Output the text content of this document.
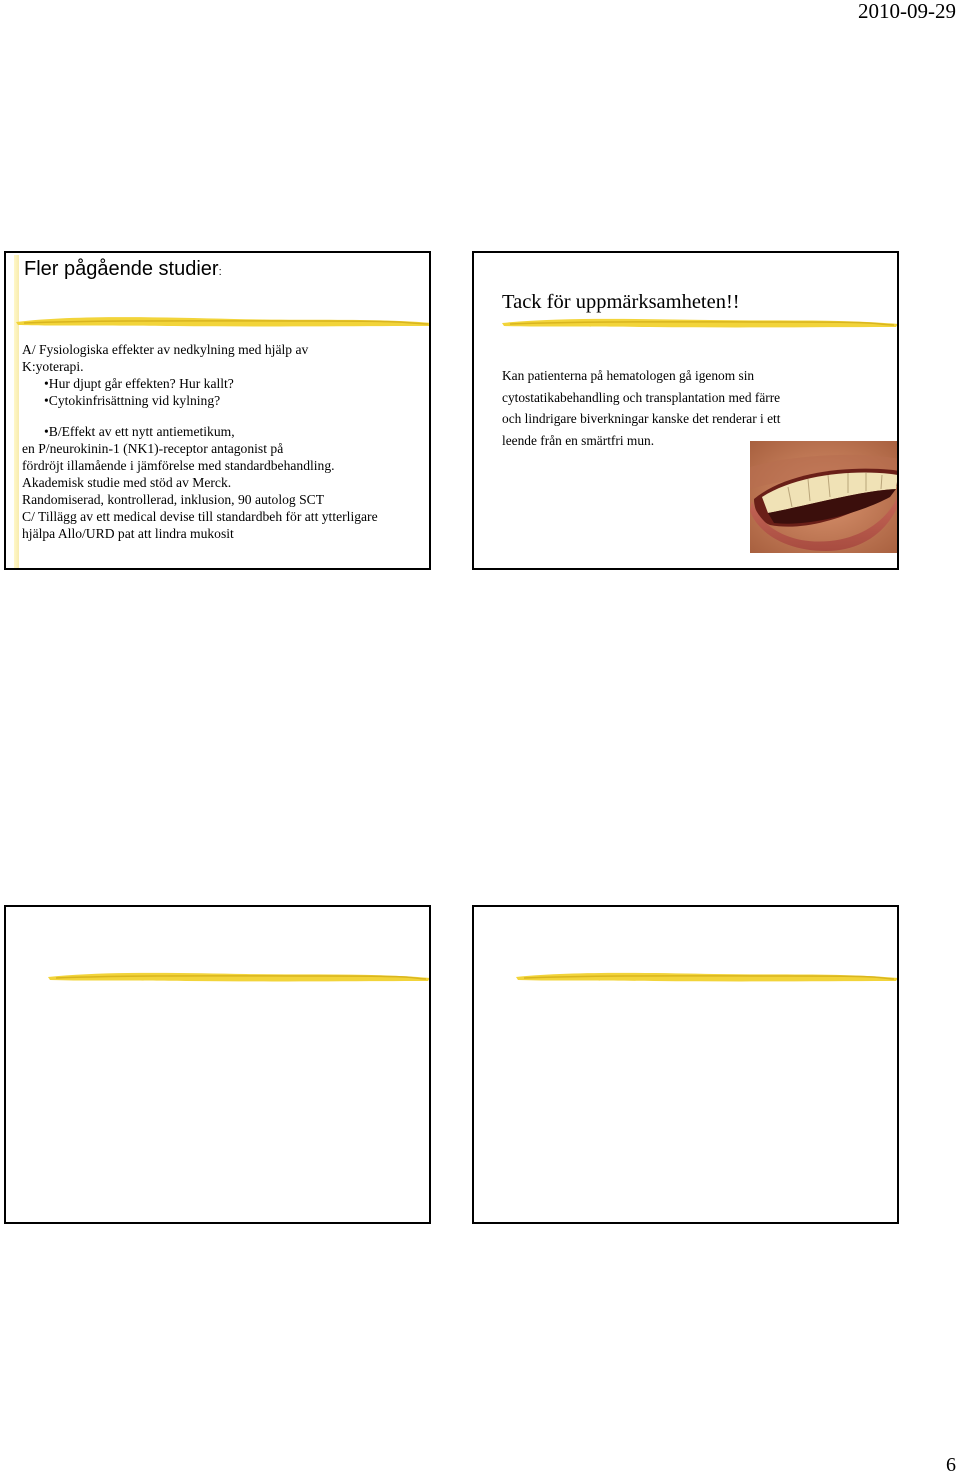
2010-09-29
Fler pågående studier:

A/ Fysiologiska effekter av nedkylning med hjälp av

K:yoterapi.

•Hur djupt går effekten? Hur kallt?

•Cytokinfrisättning vid kylning?

•B/Effekt av ett nytt antiemetikum,

en P/neurokinin-1 (NK1)-receptor antagonist på

fördröjt illamående i jämförelse med standardbehandling.

Akademisk studie med stöd av Merck.

Randomiserad, kontrollerad, inklusion, 90 autolog SCT

C/ Tillägg av ett medical devise till standardbeh för att ytterligare

hjälpa Allo/URD pat att lindra mukosit

Tack för uppmärksamheten!!

Kan patienterna på hematologen gå igenom sin

cytostatikabehandling och transplantation med färre

och lindrigare biverkningar kanske det renderar i ett

leende från en smärtfri mun.

6
